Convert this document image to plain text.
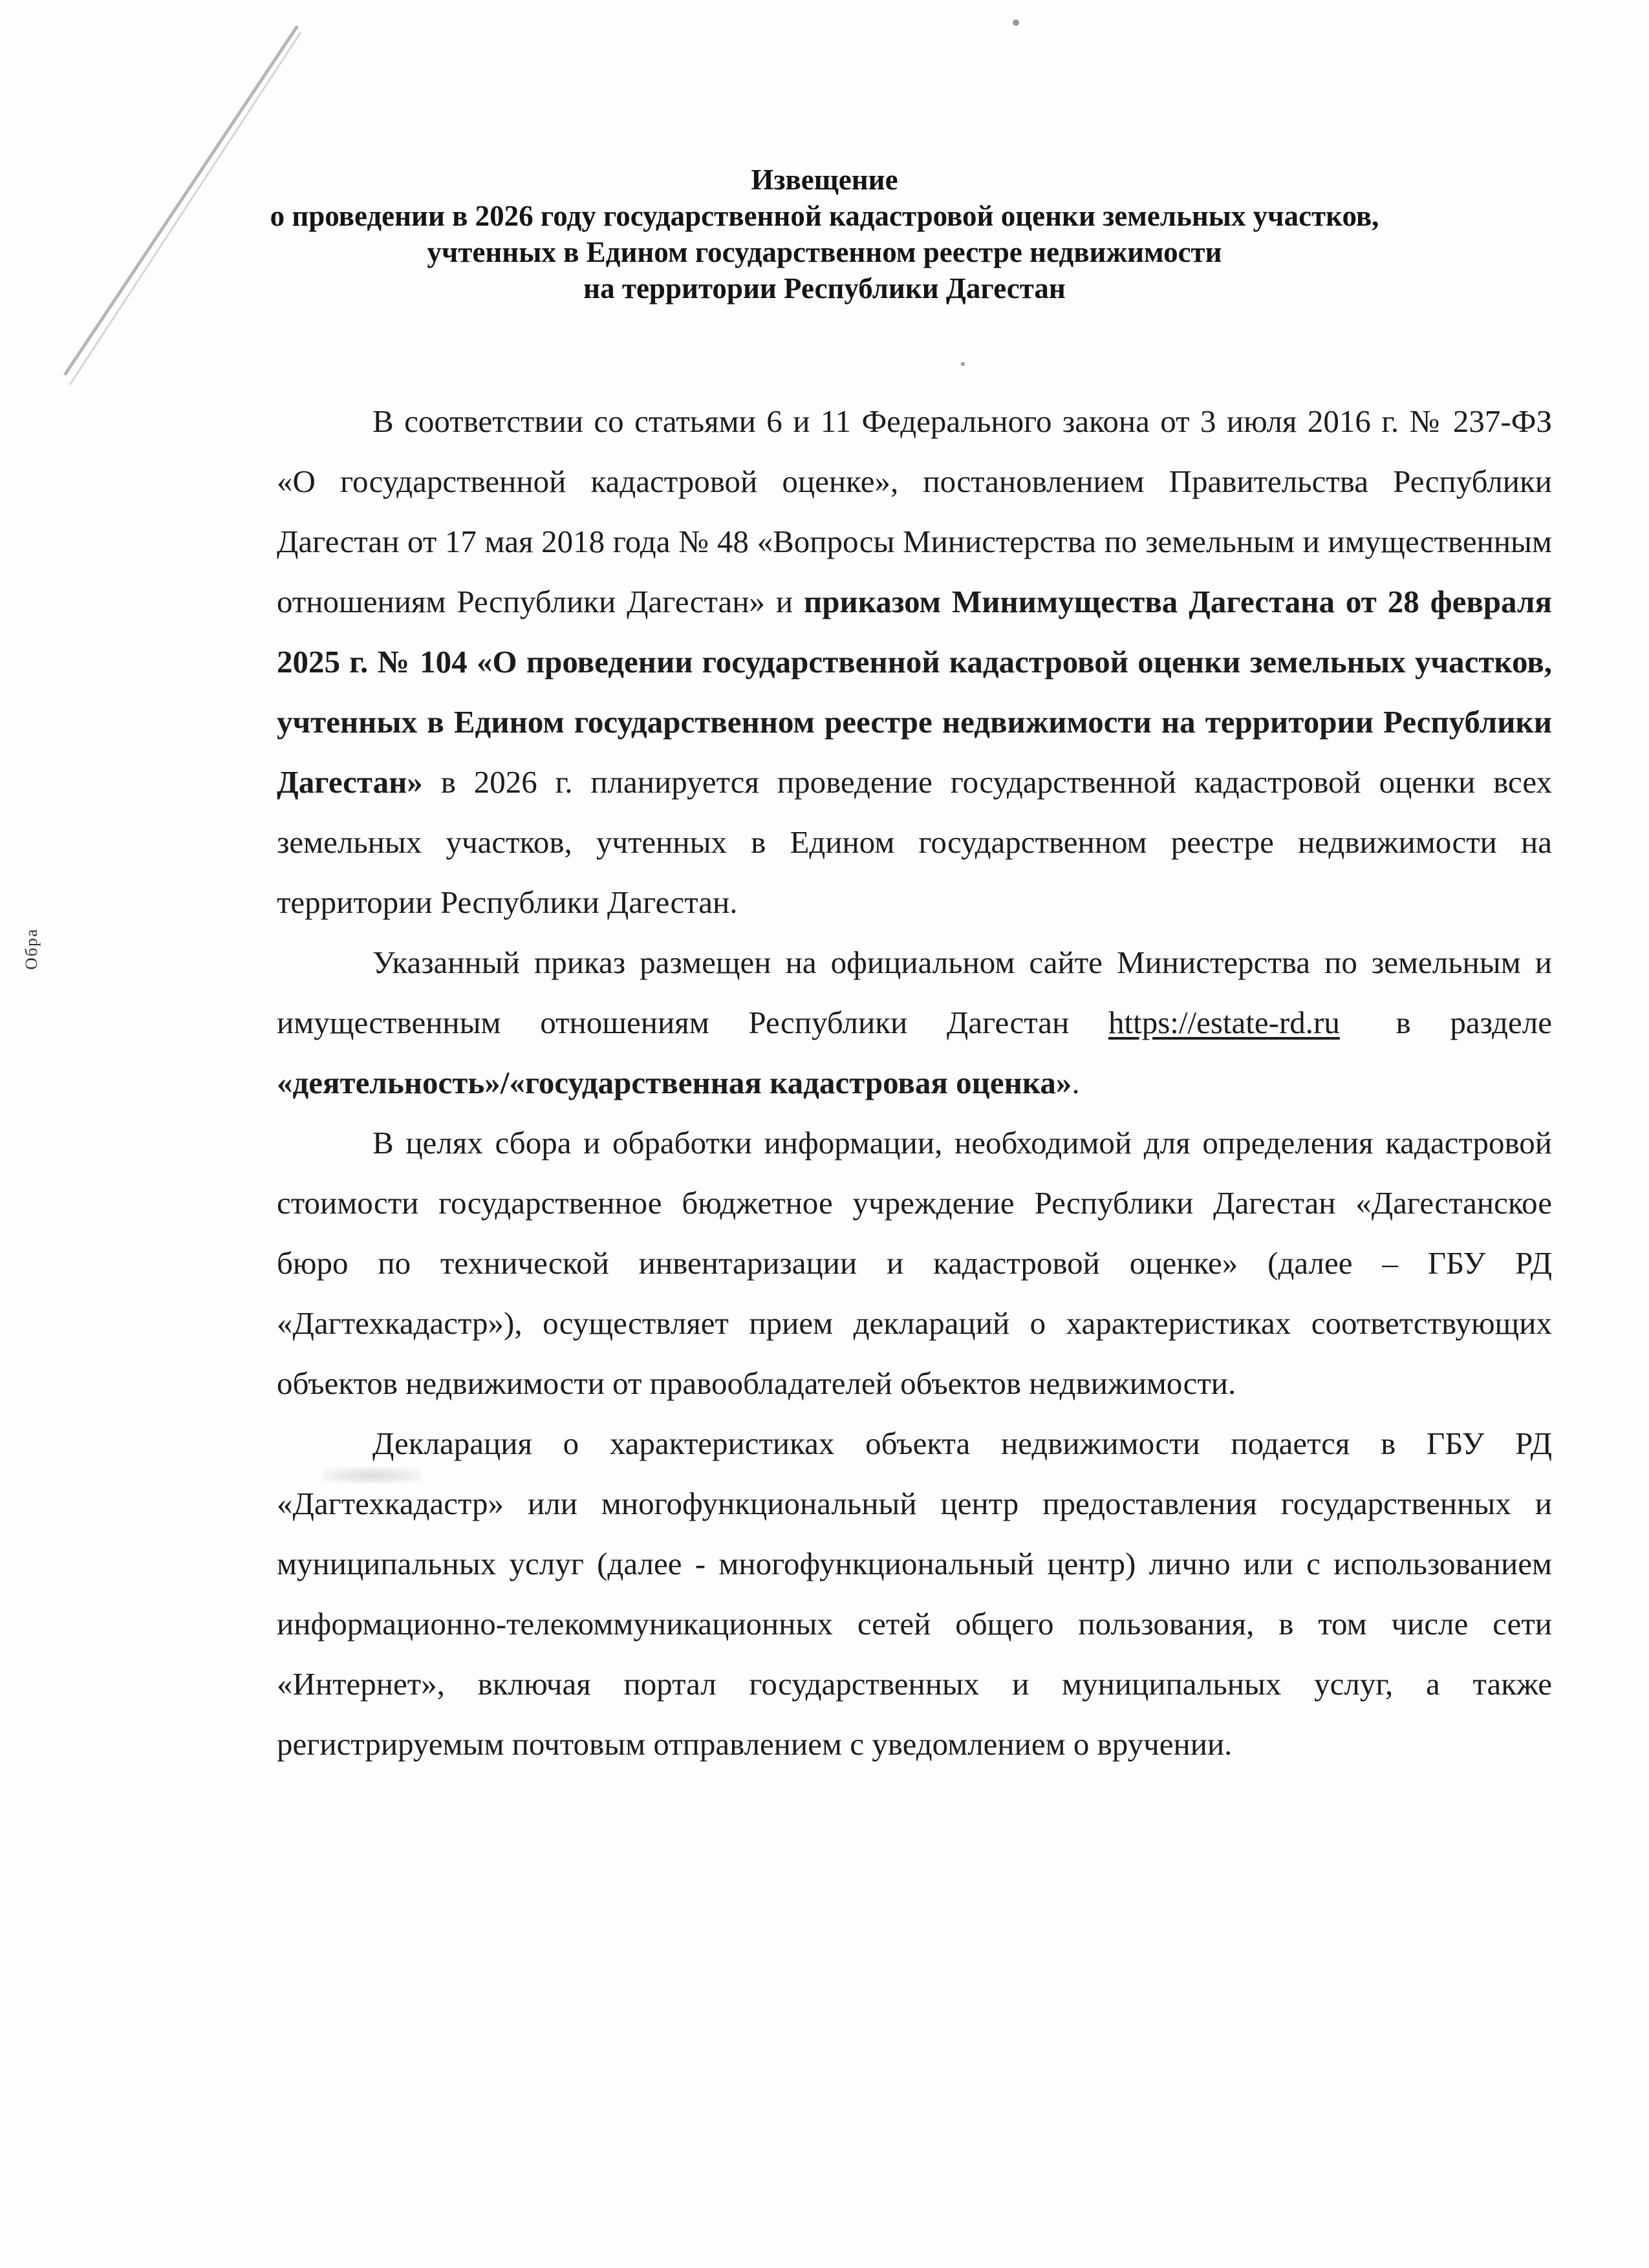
Обра
Извещение
о проведении в 2026 году государственной кадастровой оценки земельных участков,
учтенных в Едином государственном реестре недвижимости
на территории Республики Дагестан

В соответствии со статьями 6 и 11 Федерального закона от 3 июля 2016 г. № 237-ФЗ «О государственной кадастровой оценке», постановлением Правительства Республики Дагестан от 17 мая 2018 года № 48 «Вопросы Министерства по земельным и имущественным отношениям Республики Дагестан» и приказом Минимущества Дагестана от 28 февраля 2025 г. № 104 «О проведении государственной кадастровой оценки земельных участков, учтенных в Едином государственном реестре недвижимости на территории Республики Дагестан» в 2026 г. планируется проведение государственной кадастровой оценки всех земельных участков, учтенных в Едином государственном реестре недвижимости на территории Республики Дагестан.

Указанный приказ размещен на официальном сайте Министерства по земельным и имущественным отношениям Республики Дагестан https://estate-rd.ru в разделе «деятельность»/«государственная кадастровая оценка».

В целях сбора и обработки информации, необходимой для определения кадастровой стоимости государственное бюджетное учреждение Республики Дагестан «Дагестанское бюро по технической инвентаризации и кадастровой оценке» (далее – ГБУ РД «Дагтехкадастр»), осуществляет прием деклараций о характеристиках соответствующих объектов недвижимости от правообладателей объектов недвижимости.

Декларация о характеристиках объекта недвижимости подается в ГБУ РД «Дагтехкадастр» или многофункциональный центр предоставления государственных и муниципальных услуг (далее - многофункциональный центр) лично или с использованием информационно-телекоммуникационных сетей общего пользования, в том числе сети «Интернет», включая портал государственных и муниципальных услуг, а также регистрируемым почтовым отправлением с уведомлением о вручении.
